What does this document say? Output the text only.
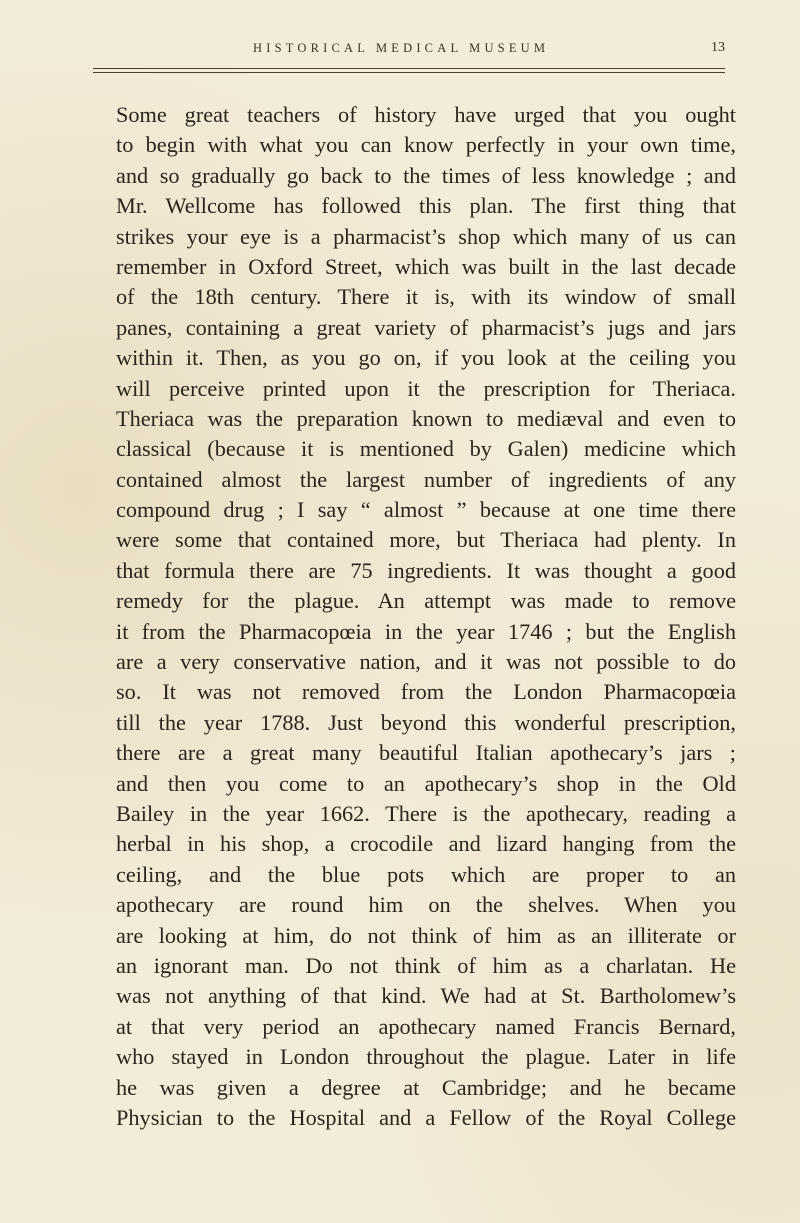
HISTORICAL MEDICAL MUSEUM	13
Some great teachers of history have urged that you ought
to begin with what you can know perfectly in your own time,
and so gradually go back to the times of less knowledge ; and
Mr. Wellcome has followed this plan. The first thing that
strikes your eye is a pharmacist’s shop which many of us can
remember in Oxford Street, which was built in the last decade
of the 18th century. There it is, with its window of small
panes, containing a great variety of pharmacist’s jugs and jars
within it. Then, as you go on, if you look at the ceiling you
will perceive printed upon it the prescription for Theriaca.
Theriaca was the preparation known to mediæval and even to
classical (because it is mentioned by Galen) medicine which
contained almost the largest number of ingredients of any
compound drug ; I say “ almost ” because at one time there
were some that contained more, but Theriaca had plenty. In
that formula there are 75 ingredients. It was thought a good
remedy for the plague. An attempt was made to remove
it from the Pharmacopœia in the year 1746 ; but the English
are a very conservative nation, and it was not possible to do
so. It was not removed from the London Pharmacopœia
till the year 1788. Just beyond this wonderful prescription,
there are a great many beautiful Italian apothecary’s jars ;
and then you come to an apothecary’s shop in the Old
Bailey in the year 1662. There is the apothecary, reading a
herbal in his shop, a crocodile and lizard hanging from the
ceiling, and the blue pots which are proper to an
apothecary are round him on the shelves. When you
are looking at him, do not think of him as an illiterate or
an ignorant man. Do not think of him as a charlatan. He
was not anything of that kind. We had at St. Bartholomew’s
at that very period an apothecary named Francis Bernard,
who stayed in London throughout the plague. Later in life
he was given a degree at Cambridge; and he became
Physician to the Hospital and a Fellow of the Royal College
